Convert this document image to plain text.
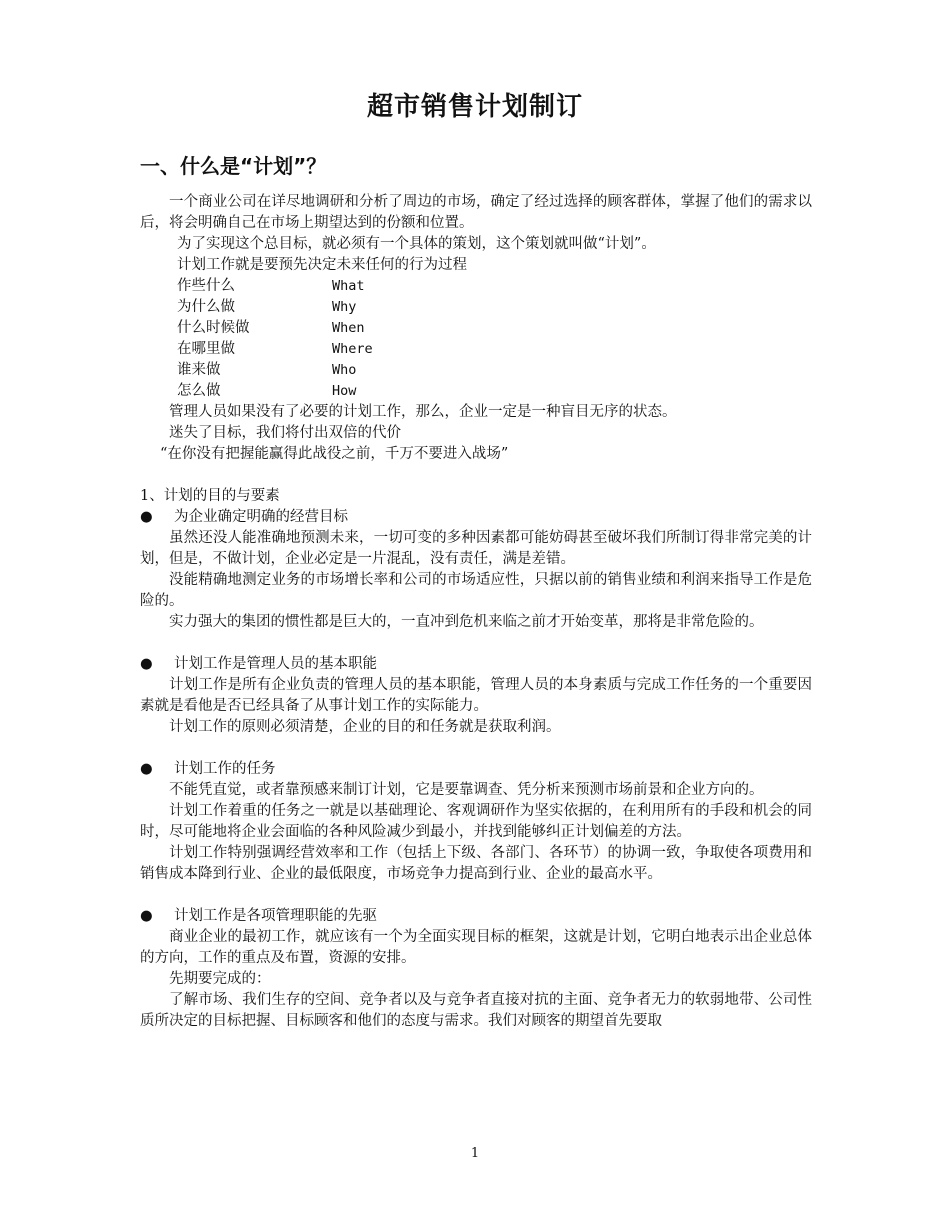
超市销售计划制订
一、什么是“计划”？

一个商业公司在详尽地调研和分析了周边的市场，确定了经过选择的顾客群体，掌握了他们的需求以后，将会明确自己在市场上期望达到的份额和位置。

为了实现这个总目标，就必须有一个具体的策划，这个策划就叫做“计划”。

计划工作就是要预先决定未来任何的行为过程

作些什么	What
为什么做	Why
什么时候做	When
在哪里做	Where
谁来做	Who
怎么做	How

管理人员如果没有了必要的计划工作，那么，企业一定是一种盲目无序的状态。

迷失了目标，我们将付出双倍的代价

“在你没有把握能赢得此战役之前，千万不要进入战场”

1、计划的目的与要素

●	为企业确定明确的经营目标

虽然还没人能准确地预测未来，一切可变的多种因素都可能妨碍甚至破坏我们所制订得非常完美的计划，但是，不做计划，企业必定是一片混乱，没有责任，满是差错。

没能精确地测定业务的市场增长率和公司的市场适应性，只据以前的销售业绩和利润来指导工作是危险的。

实力强大的集团的惯性都是巨大的，一直冲到危机来临之前才开始变革，那将是非常危险的。

●	计划工作是管理人员的基本职能

计划工作是所有企业负责的管理人员的基本职能，管理人员的本身素质与完成工作任务的一个重要因素就是看他是否已经具备了从事计划工作的实际能力。

计划工作的原则必须清楚，企业的目的和任务就是获取利润。

●	计划工作的任务

不能凭直觉，或者靠预感来制订计划，它是要靠调查、凭分析来预测市场前景和企业方向的。

计划工作着重的任务之一就是以基础理论、客观调研作为坚实依据的，在利用所有的手段和机会的同时，尽可能地将企业会面临的各种风险减少到最小，并找到能够纠正计划偏差的方法。

计划工作特别强调经营效率和工作（包括上下级、各部门、各环节）的协调一致，争取使各项费用和销售成本降到行业、企业的最低限度，市场竞争力提高到行业、企业的最高水平。

●	计划工作是各项管理职能的先驱

商业企业的最初工作，就应该有一个为全面实现目标的框架，这就是计划，它明白地表示出企业总体的方向，工作的重点及布置，资源的安排。

先期要完成的：

了解市场、我们生存的空间、竞争者以及与竞争者直接对抗的主面、竞争者无力的软弱地带、公司性质所决定的目标把握、目标顾客和他们的态度与需求。我们对顾客的期望首先要取

1
